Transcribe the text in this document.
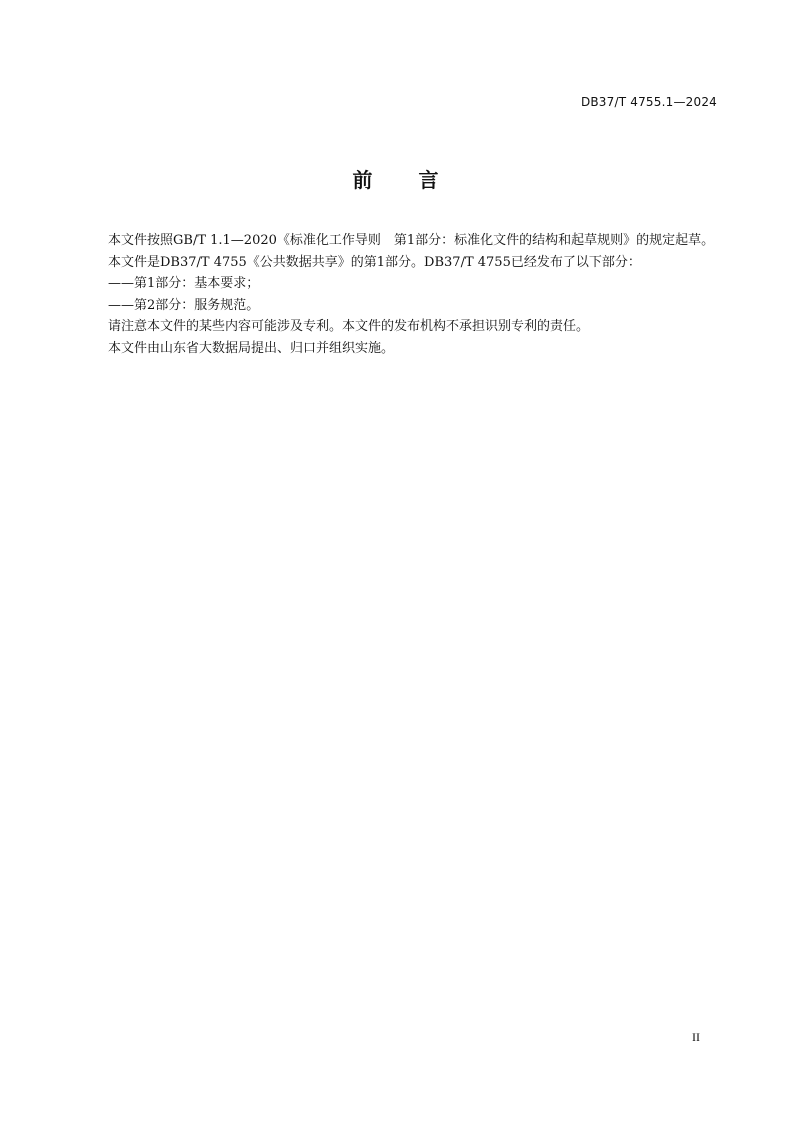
DB37/T 4755.1—2024
前 言

本文件按照GB/T 1.1—2020《标准化工作导则　第1部分：标准化文件的结构和起草规则》的规定起草。

本文件是DB37/T 4755《公共数据共享》的第1部分。DB37/T 4755已经发布了以下部分：

——第1部分：基本要求；

——第2部分：服务规范。

请注意本文件的某些内容可能涉及专利。本文件的发布机构不承担识别专利的责任。

本文件由山东省大数据局提出、归口并组织实施。

II
